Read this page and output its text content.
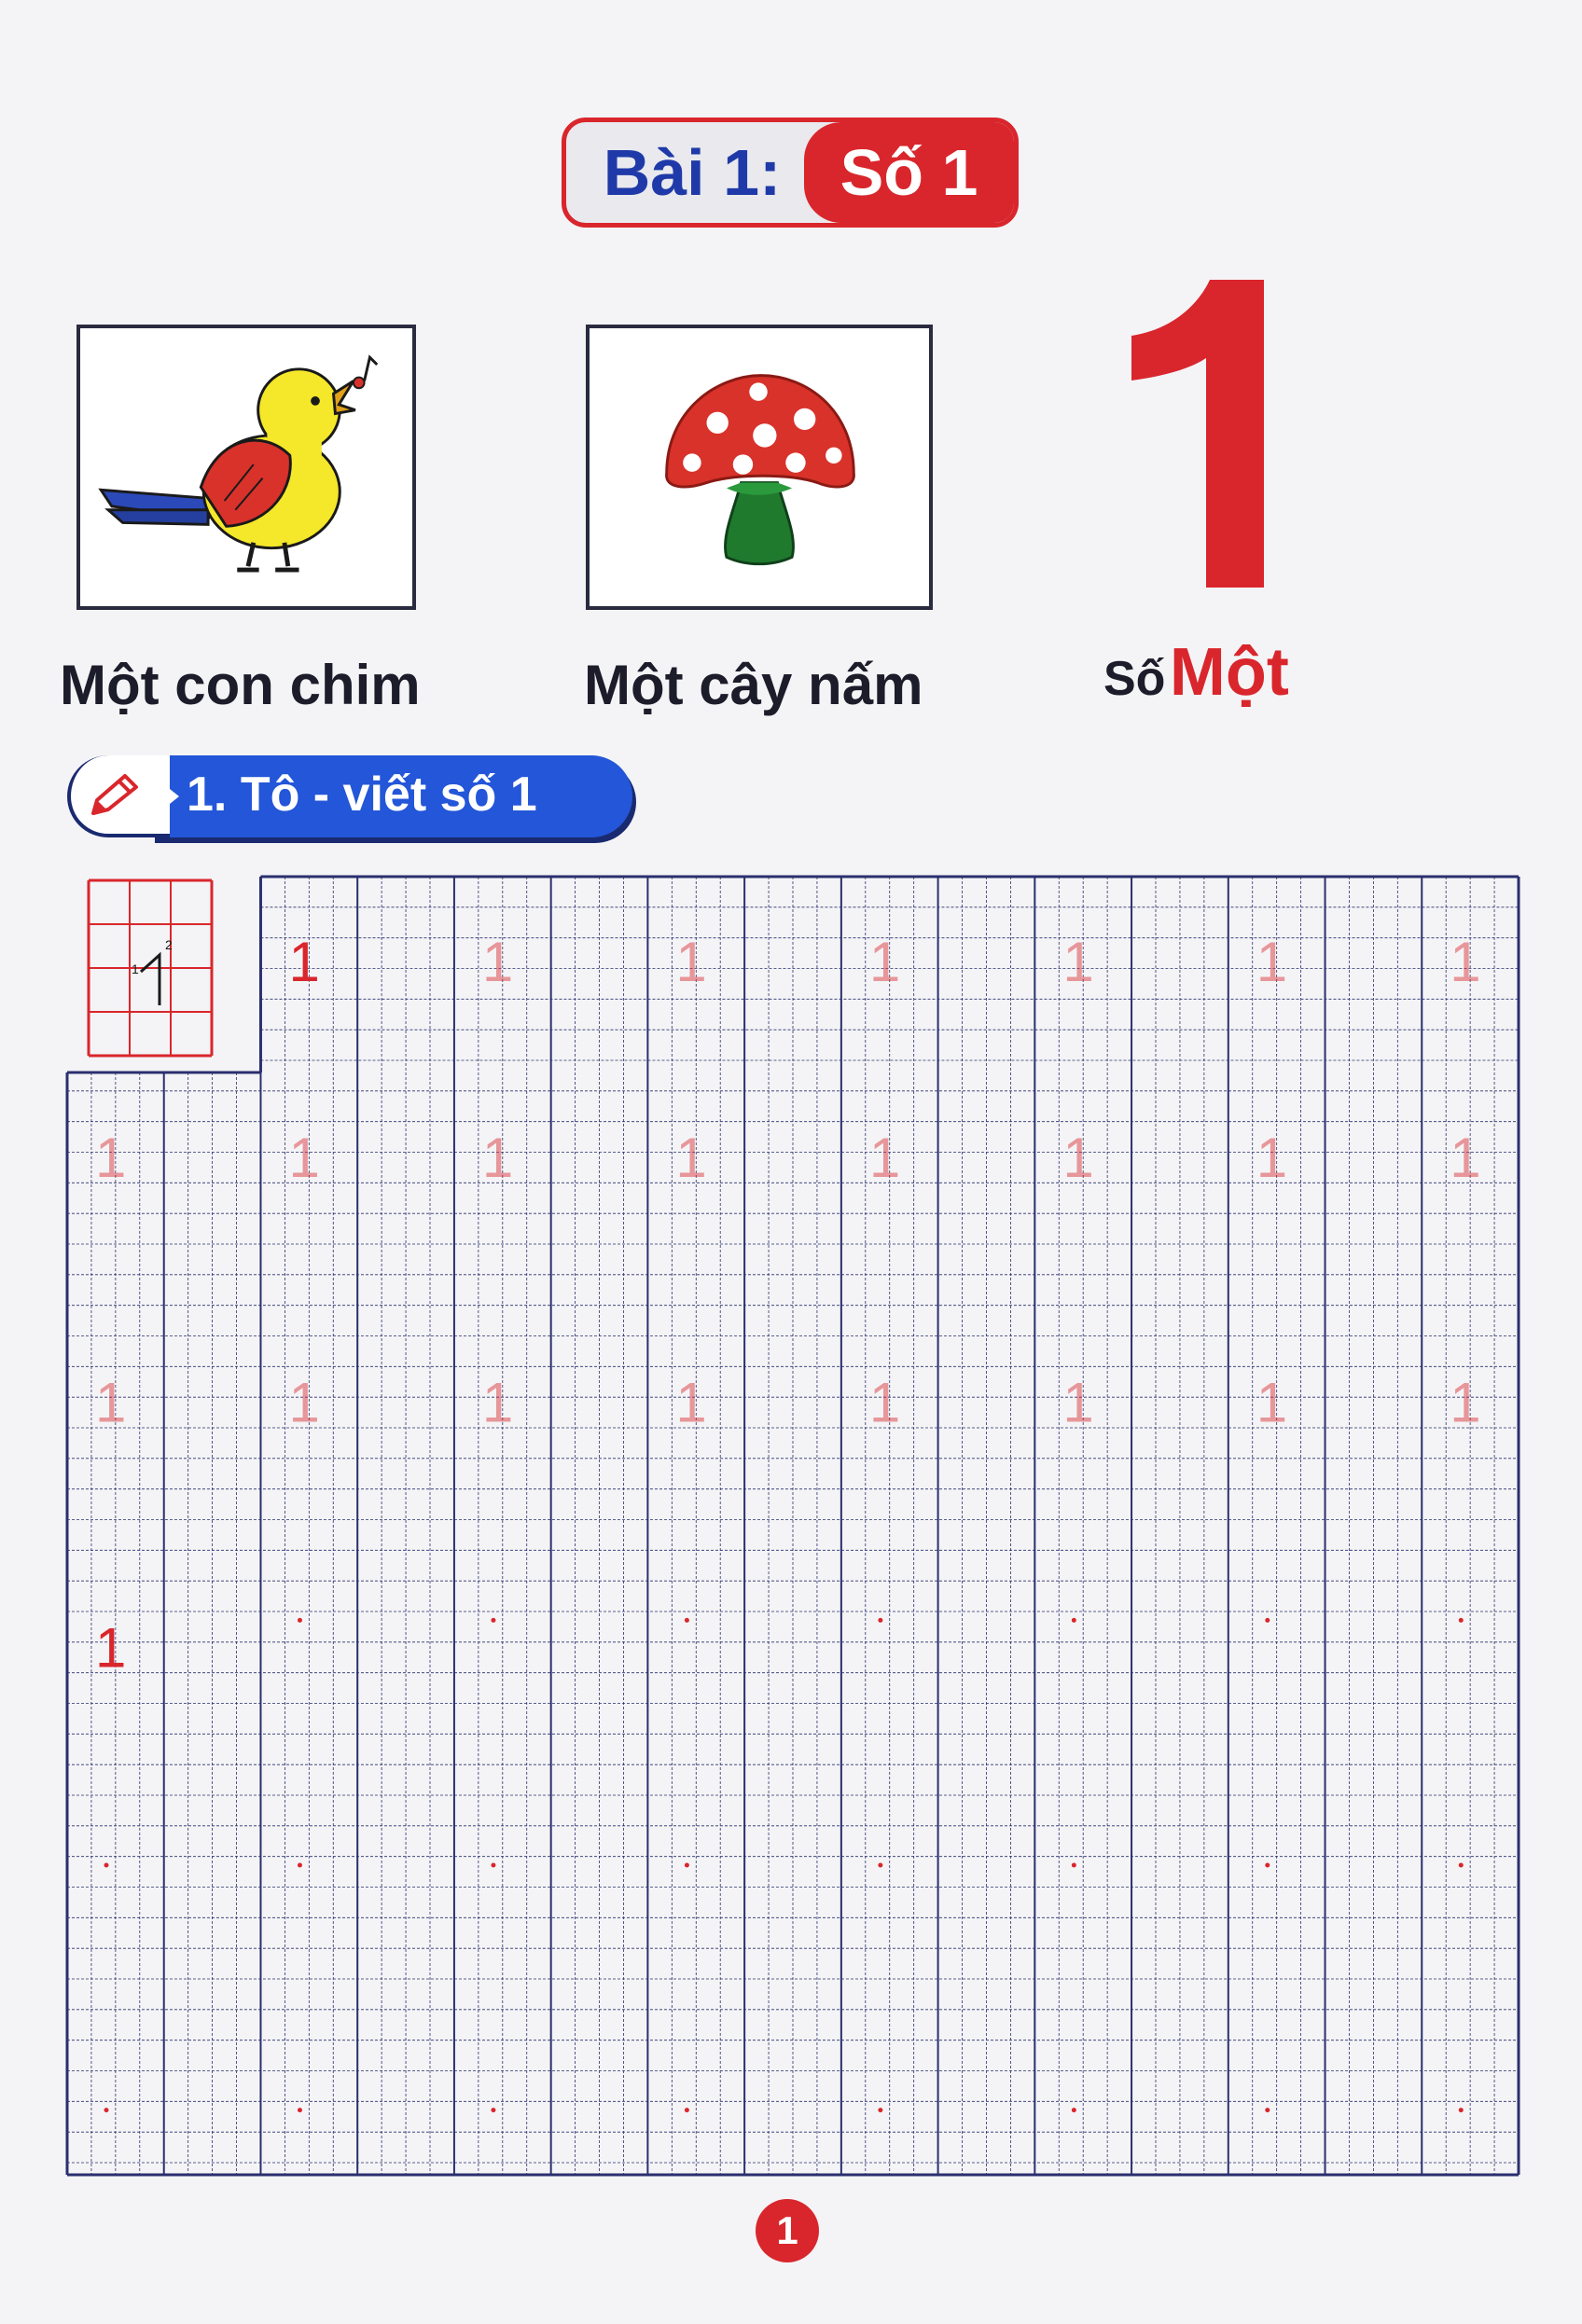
Bài 1: Số 1
Một con chim	Một cây nấm	Số Một
1. Tô - viết số 1
1	1	1	1	1	1	1
1	1	1	1	1	1	1	1
1	1	1	1	1	1	1	1
1
1
2
1
